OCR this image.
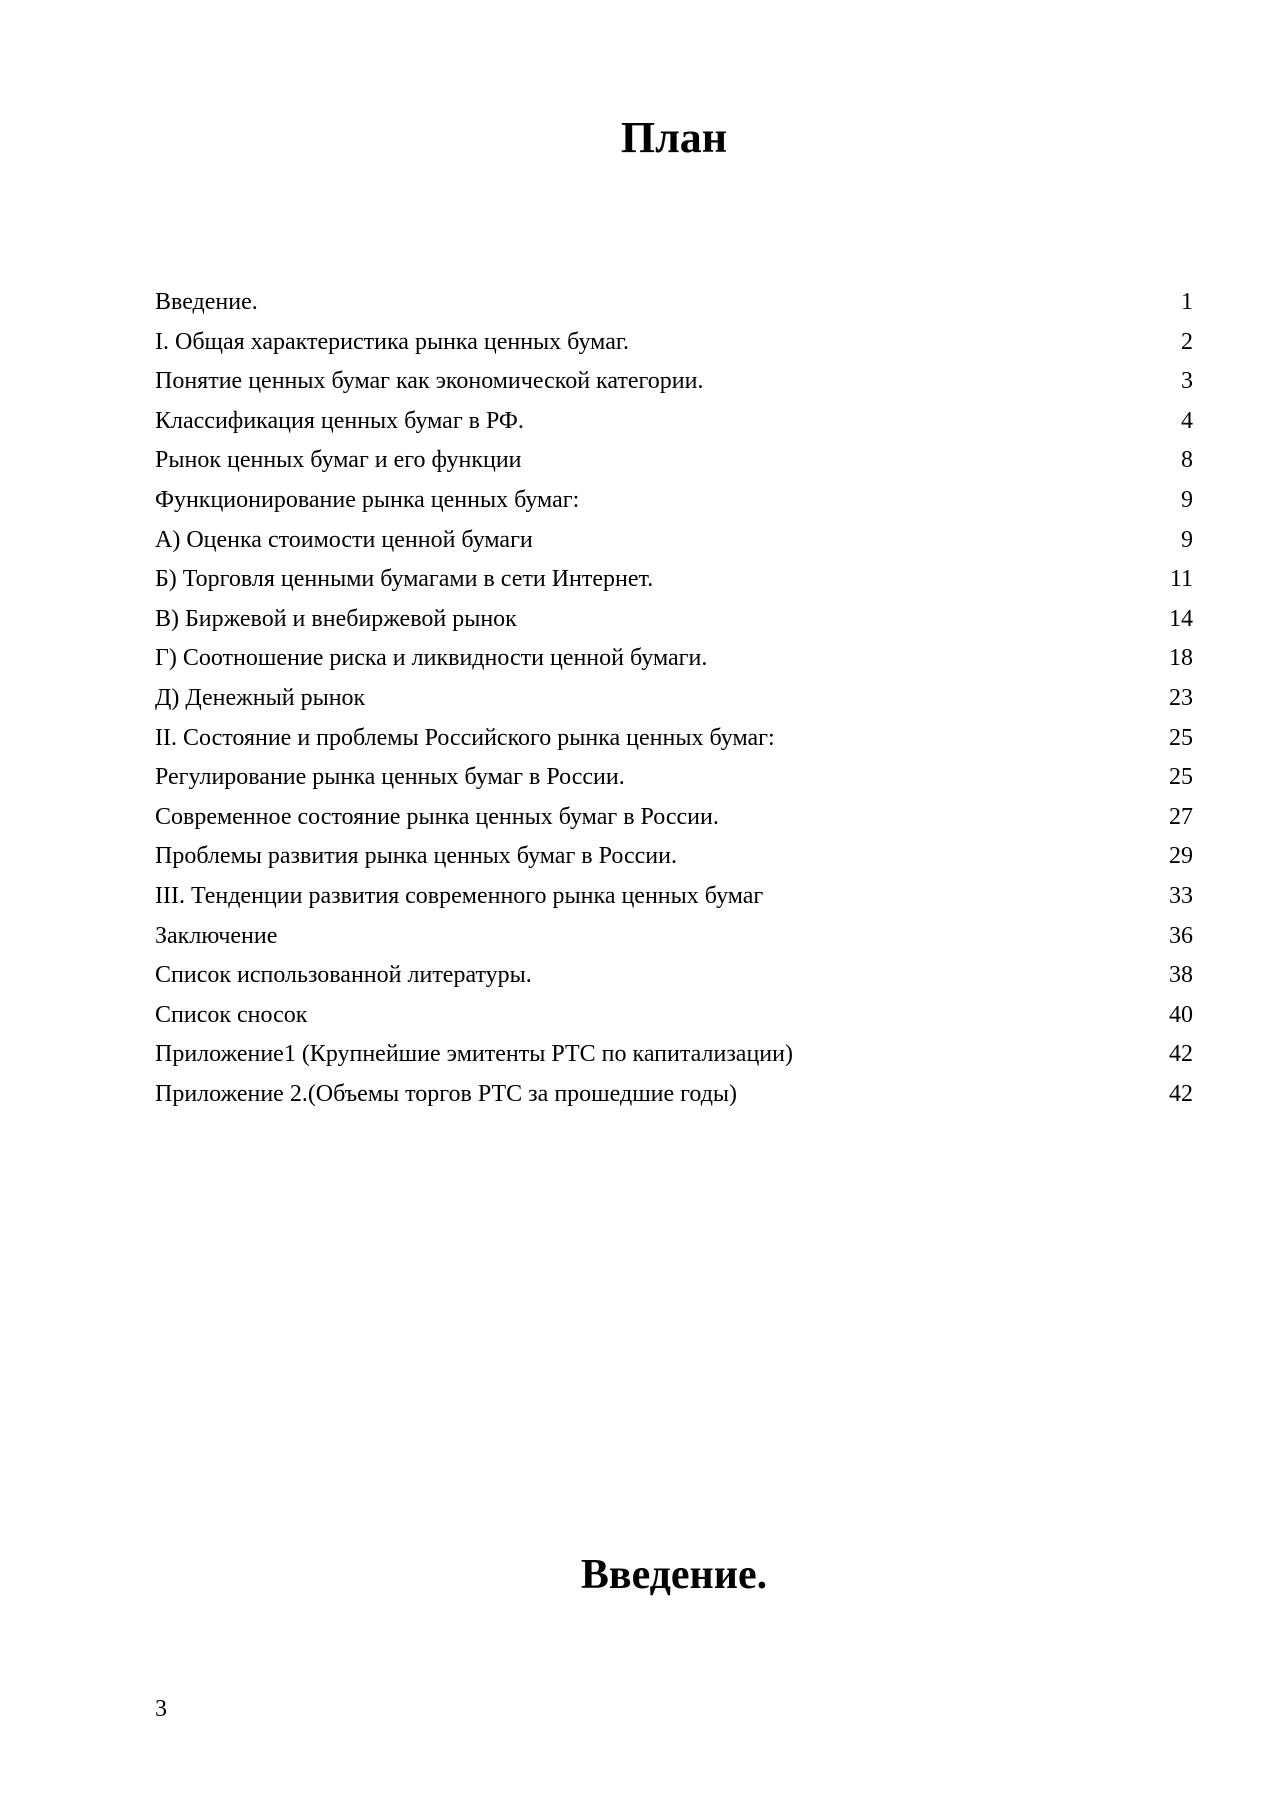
План
Введение.	1
I. Общая характеристика рынка ценных бумаг.	2
Понятие ценных бумаг как экономической категории.	3
Классификация ценных бумаг в РФ.	4
Рынок ценных бумаг и его функции	8
Функционирование рынка ценных бумаг:	9
А) Оценка стоимости ценной бумаги	9
Б) Торговля ценными бумагами в сети Интернет.	11
В) Биржевой и внебиржевой рынок	14
Г) Соотношение риска и ликвидности ценной бумаги.	18
Д) Денежный рынок	23
II. Состояние и проблемы Российского рынка ценных бумаг:	25
Регулирование рынка ценных бумаг в России.	25
Современное состояние рынка ценных бумаг в России.	27
Проблемы развития рынка ценных бумаг в России.	29
III. Тенденции развития современного рынка ценных бумаг	33
Заключение	36
Список использованной литературы.	38
Список сносок	40
Приложение1 (Крупнейшие эмитенты РТС по капитализации)	42
Приложение 2.(Объемы торгов РТС за прошедшие годы)	42
Введение.
3
